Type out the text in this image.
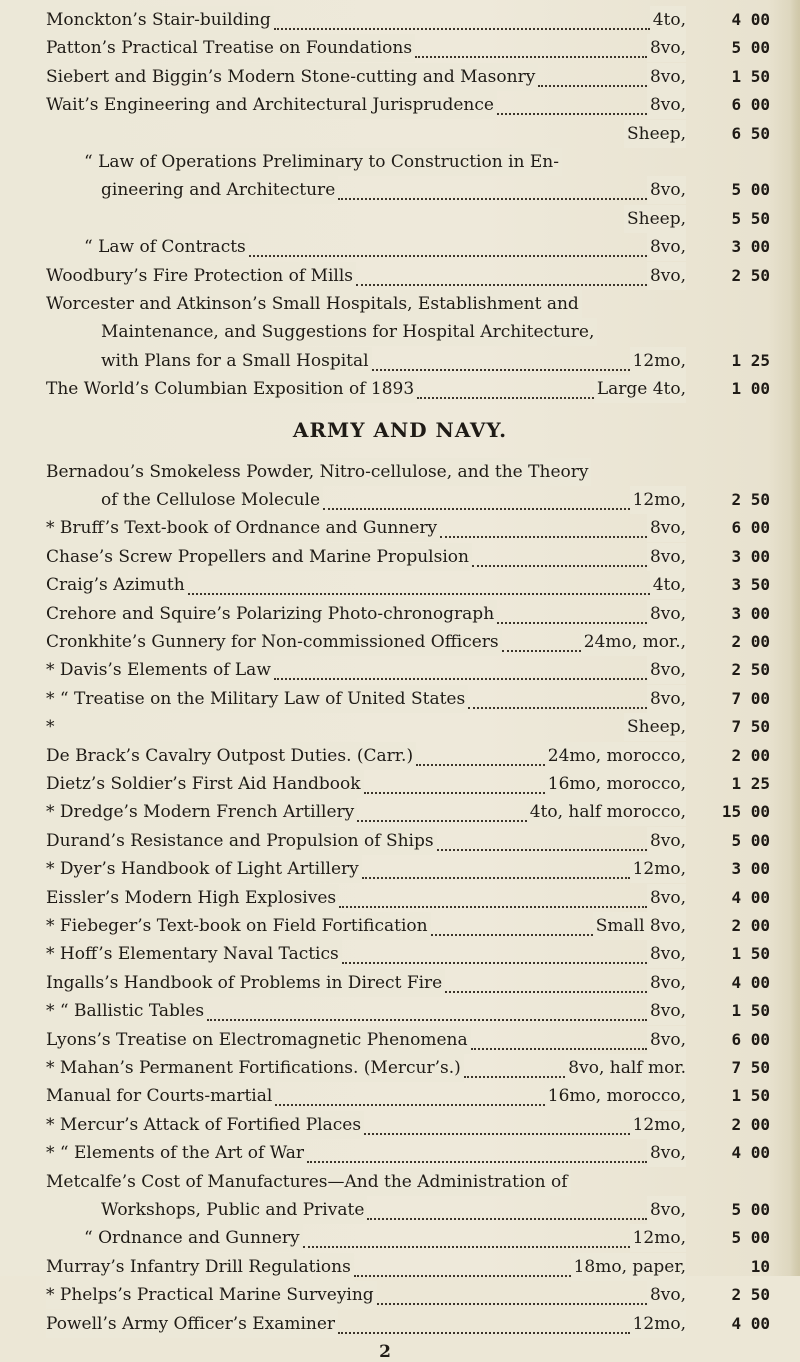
Monckton’s Stair-building	4to,	4 00
Patton’s Practical Treatise on Foundations	8vo,	5 00
Siebert and Biggin’s Modern Stone-cutting and Masonry	8vo,	1 50
Wait’s Engineering and Architectural Jurisprudence	8vo,	6 00
Sheep,	6 50
“ Law of Operations Preliminary to Construction in En-
gineering and Architecture	8vo,	5 00
Sheep,	5 50
“ Law of Contracts	8vo,	3 00
Woodbury’s Fire Protection of Mills	8vo,	2 50
Worcester and Atkinson’s Small Hospitals, Establishment and
Maintenance, and Suggestions for Hospital Architecture,
with Plans for a Small Hospital	12mo,	1 25
The World’s Columbian Exposition of 1893	Large 4to,	1 00
Bernadou’s Smokeless Powder, Nitro-cellulose, and the Theory
of the Cellulose Molecule	12mo,	2 50
* Bruff’s Text-book of Ordnance and Gunnery	8vo,	6 00
Chase’s Screw Propellers and Marine Propulsion	8vo,	3 00
Craig’s Azimuth	4to,	3 50
Crehore and Squire’s Polarizing Photo-chronograph	8vo,	3 00
Cronkhite’s Gunnery for Non-commissioned Officers	24mo, mor.,	2 00
* Davis’s Elements of Law	8vo,	2 50
* “ Treatise on the Military Law of United States	8vo,	7 00
*	Sheep,	7 50
De Brack’s Cavalry Outpost Duties. (Carr.)	24mo, morocco,	2 00
Dietz’s Soldier’s First Aid Handbook	16mo, morocco,	1 25
* Dredge’s Modern French Artillery	4to, half morocco,	15 00
Durand’s Resistance and Propulsion of Ships	8vo,	5 00
* Dyer’s Handbook of Light Artillery	12mo,	3 00
Eissler’s Modern High Explosives	8vo,	4 00
* Fiebeger’s Text-book on Field Fortification	Small 8vo,	2 00
* Hoff’s Elementary Naval Tactics	8vo,	1 50
Ingalls’s Handbook of Problems in Direct Fire	8vo,	4 00
* “ Ballistic Tables	8vo,	1 50
Lyons’s Treatise on Electromagnetic Phenomena	8vo,	6 00
* Mahan’s Permanent Fortifications. (Mercur’s.)	8vo, half mor.	7 50
Manual for Courts-martial	16mo, morocco,	1 50
* Mercur’s Attack of Fortified Places	12mo,	2 00
* “ Elements of the Art of War	8vo,	4 00
Metcalfe’s Cost of Manufactures—And the Administration of
Workshops, Public and Private	8vo,	5 00
“ Ordnance and Gunnery	12mo,	5 00
Murray’s Infantry Drill Regulations	18mo, paper,	10
* Phelps’s Practical Marine Surveying	8vo,	2 50
Powell’s Army Officer’s Examiner	12mo,	4 00
ARMY AND NAVY.
2
